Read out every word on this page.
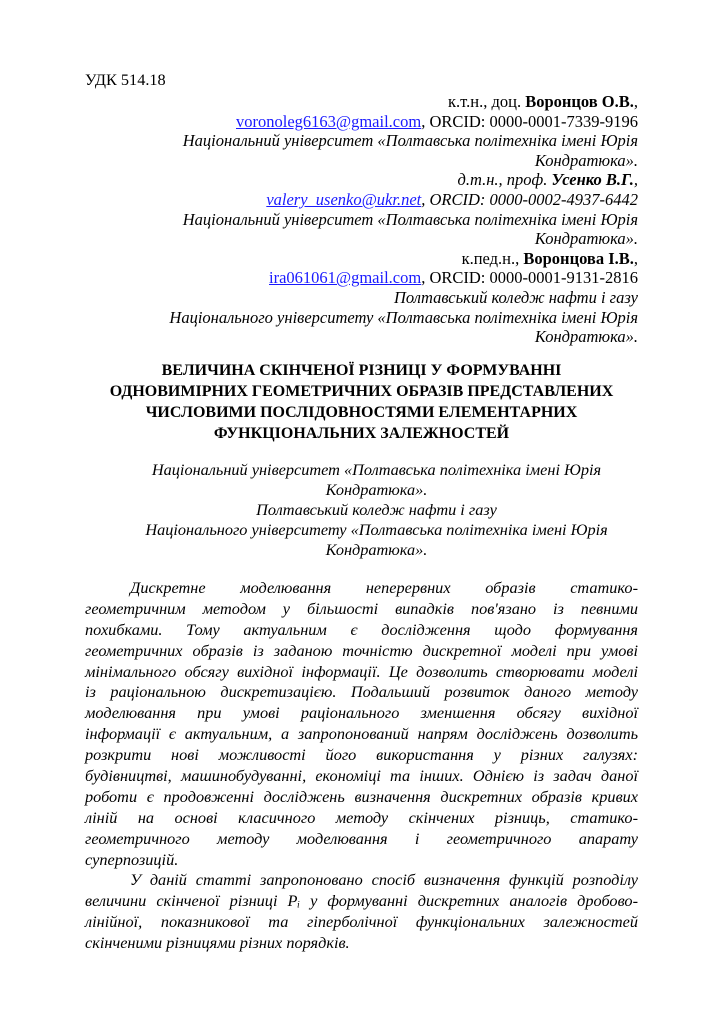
УДК 514.18
к.т.н., доц. Воронцов О.В.,
voronoleg6163@gmail.com, ORCID: 0000-0001-7339-9196
Національний університет «Полтавська політехніка імені Юрія
Кондратюка».
д.т.н., проф. Усенко В.Г.,
valery_usenko@ukr.net, ORCID: 0000-0002-4937-6442
Національний університет «Полтавська політехніка імені Юрія
Кондратюка».
к.пед.н., Воронцова І.В.,
ira061061@gmail.com, ORCID: 0000-0001-9131-2816
Полтавський коледж нафти і газу
Національного університету «Полтавська політехніка імені Юрія
Кондратюка».
ВЕЛИЧИНА СКІНЧЕНОЇ РІЗНИЦІ У ФОРМУВАННІ
ОДНОВИМІРНИХ ГЕОМЕТРИЧНИХ ОБРАЗІВ ПРЕДСТАВЛЕНИХ
ЧИСЛОВИМИ ПОСЛІДОВНОСТЯМИ ЕЛЕМЕНТАРНИХ
ФУНКЦІОНАЛЬНИХ ЗАЛЕЖНОСТЕЙ
Національний університет «Полтавська політехніка імені Юрія
Кондратюка».
Полтавський коледж нафти і газу
Національного університету «Полтавська політехніка імені Юрія
Кондратюка».
Дискретне моделювання неперервних образів статико-
геометричним методом у більшості випадків пов'язано із певними
похибками. Тому актуальним є дослідження щодо формування
геометричних образів із заданою точністю дискретної моделі при умові
мінімального обсягу вихідної інформації. Це дозволить створювати моделі
із раціональною дискретизацією. Подальший розвиток даного методу
моделювання при умові раціонального зменшення обсягу вихідної
інформації є актуальним, а запропонований напрям досліджень дозволить
розкрити нові можливості його використання у різних галузях:
будівництві, машинобудуванні, економіці та інших. Однією із задач даної
роботи є продовженні досліджень визначення дискретних образів кривих
ліній на основі класичного методу скінчених різниць, статико-
геометричного методу моделювання і геометричного апарату
суперпозицій.
У даній статті запропоновано спосіб визначення функцій розподілу
величини скінченої різниці Pᵢ у формуванні дискретних аналогів дробово-
лінійної, показникової та гіперболічної функціональних залежностей
скінченими різницями різних порядків.
